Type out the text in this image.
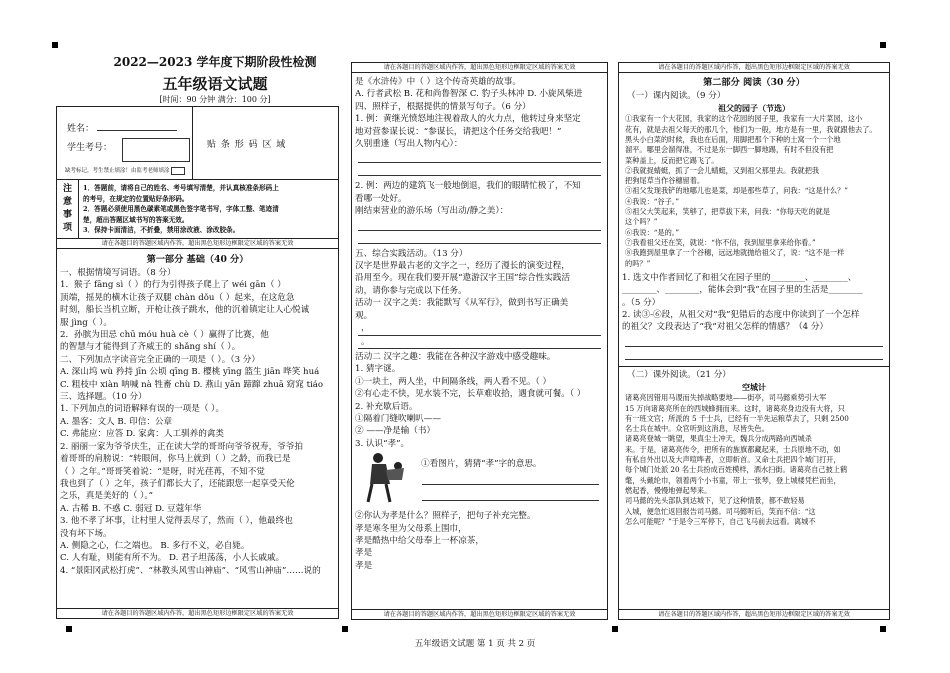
2022—2023 学年度下期阶段性检测
五年级语文试题
[时间：90 分钟 满分：100 分]
姓名：
学生考号：
缺考标记，考生禁止填涂！由监考老师填涂
贴 条 形 码 区 域
注
意
事
项
1．答题前，请将自己的姓名、考号填写清楚，并认真核准条形码上
的考号，在规定的位置贴好条形码。
2．答题必须使用黑色碳素笔或黑色签字笔书写，字体工整、笔迹清
楚，超出答题区域书写的答案无效。
3．保持卡面清洁，不折叠，禁用涂改液、涂改胶条。
请在各题目的答题区域内作答，超出黑色矩形边框限定区域的答案无效
第一部分 基础（40 分）
一、根据情境写词语。（8 分）
1．猴子 fāng sì（ ）的行为引得孩子爬上了 wéi gān（ ）
顶端，摇晃的横木让孩子双腿 chàn dǒu（ ）起来，在这危急
时刻，船长当机立断，开枪让孩子跳水，他的沉着镇定让人心悦诚
服 jìng（ ）。
2．孙膑为田忌 chū móu huà cè（ ）赢得了比赛，他
的智慧与才能得到了齐威王的 shǎng shí（ ）。
二、下列加点字读音完全正确的一项是（ ）。（3 分）
A. 深山坞 wù 矜持 jīn 公顷 qīng B. 樱桃 yīng 篮生 jiān 哗笑 huá
C. 粗枝中 xiàn 呐喊 nà 牲畜 chù D. 燕山 yān 蹄蹿 zhuā 窈窕 tiáo
三、选择题。（10 分）
1. 下列加点的词语解释有误的一项是（ ）。
A. 墨客：文人 B. 印信：公章
C. 弗能应：应答 D. 家禽：人工驯养的禽类
2. 丽丽一家为爷爷庆生，正在读大学的哥哥向爷爷祝寿，爷爷拍
着哥哥的肩膀说：“转眼间，你马上就到（ ）之龄，而我已是
（ ）之年。”哥哥笑着说：“是呀，时光荏苒，不知不觉
我也到了（ ）之年，孩子们都长大了，还能跟您一起享受天伦
之乐，真是美好的（ ）。”
A. 古稀 B. 不惑 C. 弱冠 D. 豆蔻年华
3. 他不孝了坏事，让村里人觉得丢尽了，然而（ ），他最终也
没有坏下场。
A. 侧隐之心，仁之端也。 B. 多行不义，必自毙。
C. 人有耻，则能有所不为。 D. 君子坦荡荡，小人长戚戚。
4. “景阳冈武松打虎”、“林教头风雪山神庙”、“风雪山神庙”……说的
请在各题目的答题区域内作答，超出黑色矩形边框限定区域的答案无效
请在各题目的答题区域内作答，超出黑色矩形边框限定区域的答案无效
是《水浒传》中（ ）这个传奇英雄的故事。
A. 行者武松 B. 花和尚鲁智深 C. 豹子头林冲 D. 小旋风柴进
四、照样子，根据提供的情景写句子。（6 分）
1. 例：黄继光愤怒地注视着敌人的火力点，他转过身来坚定
地对营参谋长说：“参谋长，请把这个任务交给我吧！”
久别重逢（写出人物内心）：
2. 例：两边的建筑飞一般地倒退，我们的眼睛忙极了，不知
看哪一处好。
刚结束营业的游乐场（写出动/静之美）：
五、综合实践活动。（13 分）
汉字是世界最古老的文字之一，经历了漫长的演变过程，
沿用至今。现在我们要开展“遨游汉字王国”综合性实践活
动，请你参与完成以下任务。
活动一 汉字之美：我能默写《从军行》，做到书写正确美
观。
，
。
活动二 汉字之趣：我能在各种汉字游戏中感受趣味。
1. 猜字谜。
①一块土，两人坐，中间隔条线，两人看不见。（ ）
②有心走不快，见水装不完，长草难收拾，遇食就可餐。（ ）
2. 补充歇后语。
①隔着门缝吹喇叭——
② ——净是输（书）
3. 认识“孝”。
①看图片，猜猜“孝”字的意思。
②你认为孝是什么？照样子，把句子补充完整。
孝是寒冬里为父母系上围巾，
孝是酷热中给父母奉上一杯凉茶，
孝是
孝是
请在各题目的答题区域内作答，超出黑色矩形边框限定区域的答案无效
请在各题目的答题区域内作答，超出黑色矩形边框限定区域的答案无效
第二部分 阅读（30 分）
（一）课内阅读。（9 分）
祖父的园子（节选）
①我家有一个大花园，我家的这个花园的园子里，我家有一大片菜园，这小
花有，就是去祖父每天的那几个，他们为一般，地方是有一里，我就跟他去了。
黑头小白菜的时候，我也在后面，用脚把那个下种的土窝一个一个地
溜平。哪里会溜得准，不过是东一脚西一脚地踢，有时不但没有把
菜种盖上，反而把它踢飞了。
②我就捉蜻蜓，抓了一会儿蜻蜓，又到祖父那里去。我就把我
把狗尾草当作谷穗留着。
③祖父发现我铲的地哪儿也是菜，却是那些草了，问我：“这是什么？”
④我说：“谷子。”
⑤祖父大笑起来，笑够了，把草拔下来，问我：“你每天吃的就是
这个吗？”
⑥我说：“是的。”
⑦我看祖父还在笑，就说：“你不信，我到屋里拿来给你看。”
⑧我跑到屋里拿了一个谷穗，远远地就抛给祖父了，说：“这不是一样
的吗？”
1. 选文中作者回忆了和祖父在园子里的________、________、
________、________，能体会到“我”在园子里的生活是________
。（5 分）
2. 读③-⑥段，从祖父对“我”犯错后的态度中你读到了一个怎样
的祖父？文段表达了“我”对祖父怎样的情感？（4 分）
（二）课外阅读。（21 分）
空城计
诸葛亮因错用马谡而失掉战略要地——街亭，司马懿乘势引大军
15 万向诸葛亮所在的西城蜂拥而来。这时，诸葛亮身边没有大将，只
有一班文官；所派的 5 千士兵，已经有一半先运粮草去了，只剩 2500
名士兵在城中。众官听到这消息，尽皆失色。
诸葛亮登城一眺望，果真尘土冲天，魏兵分成两路向西城杀
来。于是，诸葛亮传令，把所有的旌旗都藏起来，士兵原地不动，如
有私自外出以及大声喧哗者，立即斩首。又命士兵把四个城门打开，
每个城门处派 20 名士兵扮成百姓模样，洒水扫街。诸葛亮自己披上鹤
氅，头戴纶巾，领着两个小书童，带上一张琴，登上城楼凭栏而坐，
燃起香，慢慢地弹起琴来。
司马懿的先头部队到达城下，见了这种情景，都不敢轻易
入城，便急忙返回报告司马懿。司马懿听后，笑而不信：“这
怎么可能呢？”于是令三军停下，自己飞马前去远看。离城不
请在各题目的答题区域内作答，超出黑色矩形边框限定区域的答案无效
五年级语文试题 第 1 页 共 2 页
